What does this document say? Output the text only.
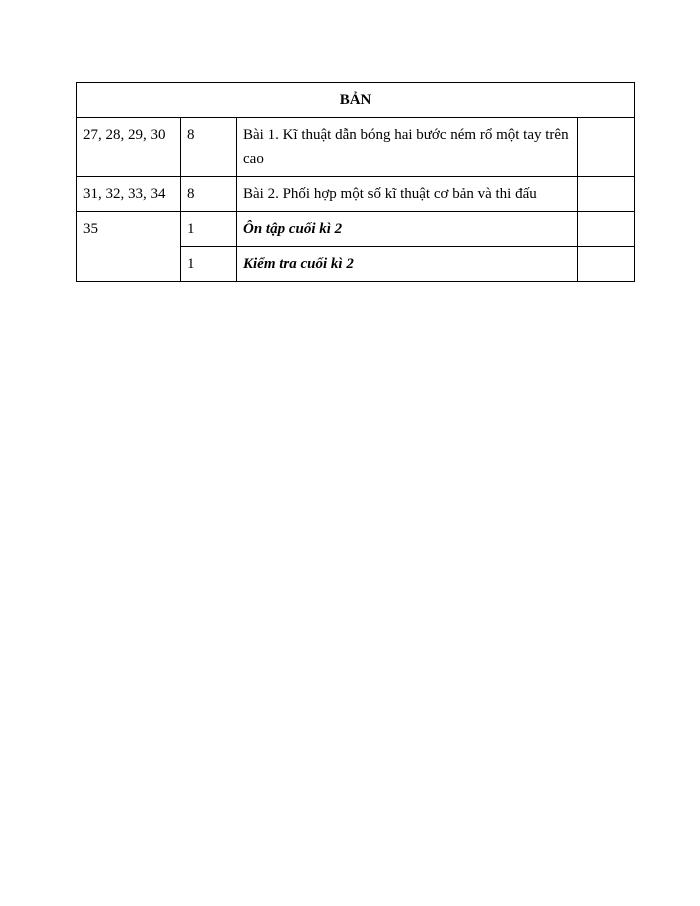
BẢN			
27, 28, 29, 30	8	Bài 1. Kĩ thuật dẫn bóng hai bước ném rổ một tay trên cao	
31, 32, 33, 34	8	Bài 2. Phối hợp một số kĩ thuật cơ bản và thi đấu	
35	1	Ôn tập cuối kì 2	
	1	Kiểm tra cuối kì 2	
